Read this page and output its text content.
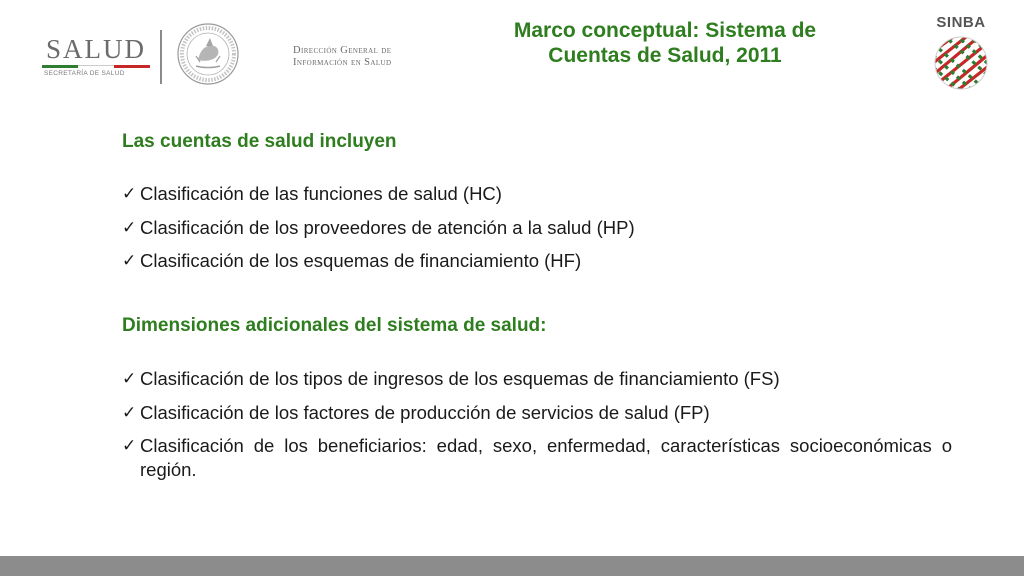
SALUD
SECRETARÍA DE SALUD
Dirección General de
Información en Salud
Marco conceptual: Sistema de
Cuentas de Salud, 2011
SINBA
Las cuentas de salud incluyen
✓ Clasificación de las funciones de salud (HC)
✓ Clasificación de los proveedores de atención a la salud (HP)
✓ Clasificación de los esquemas de financiamiento (HF)
Dimensiones adicionales del sistema de salud:
✓ Clasificación de los tipos de ingresos de los esquemas de financiamiento (FS)
✓ Clasificación de los factores de producción de servicios de salud (FP)
✓ Clasificación de los beneficiarios: edad, sexo, enfermedad, características socioeconómicas o región.
